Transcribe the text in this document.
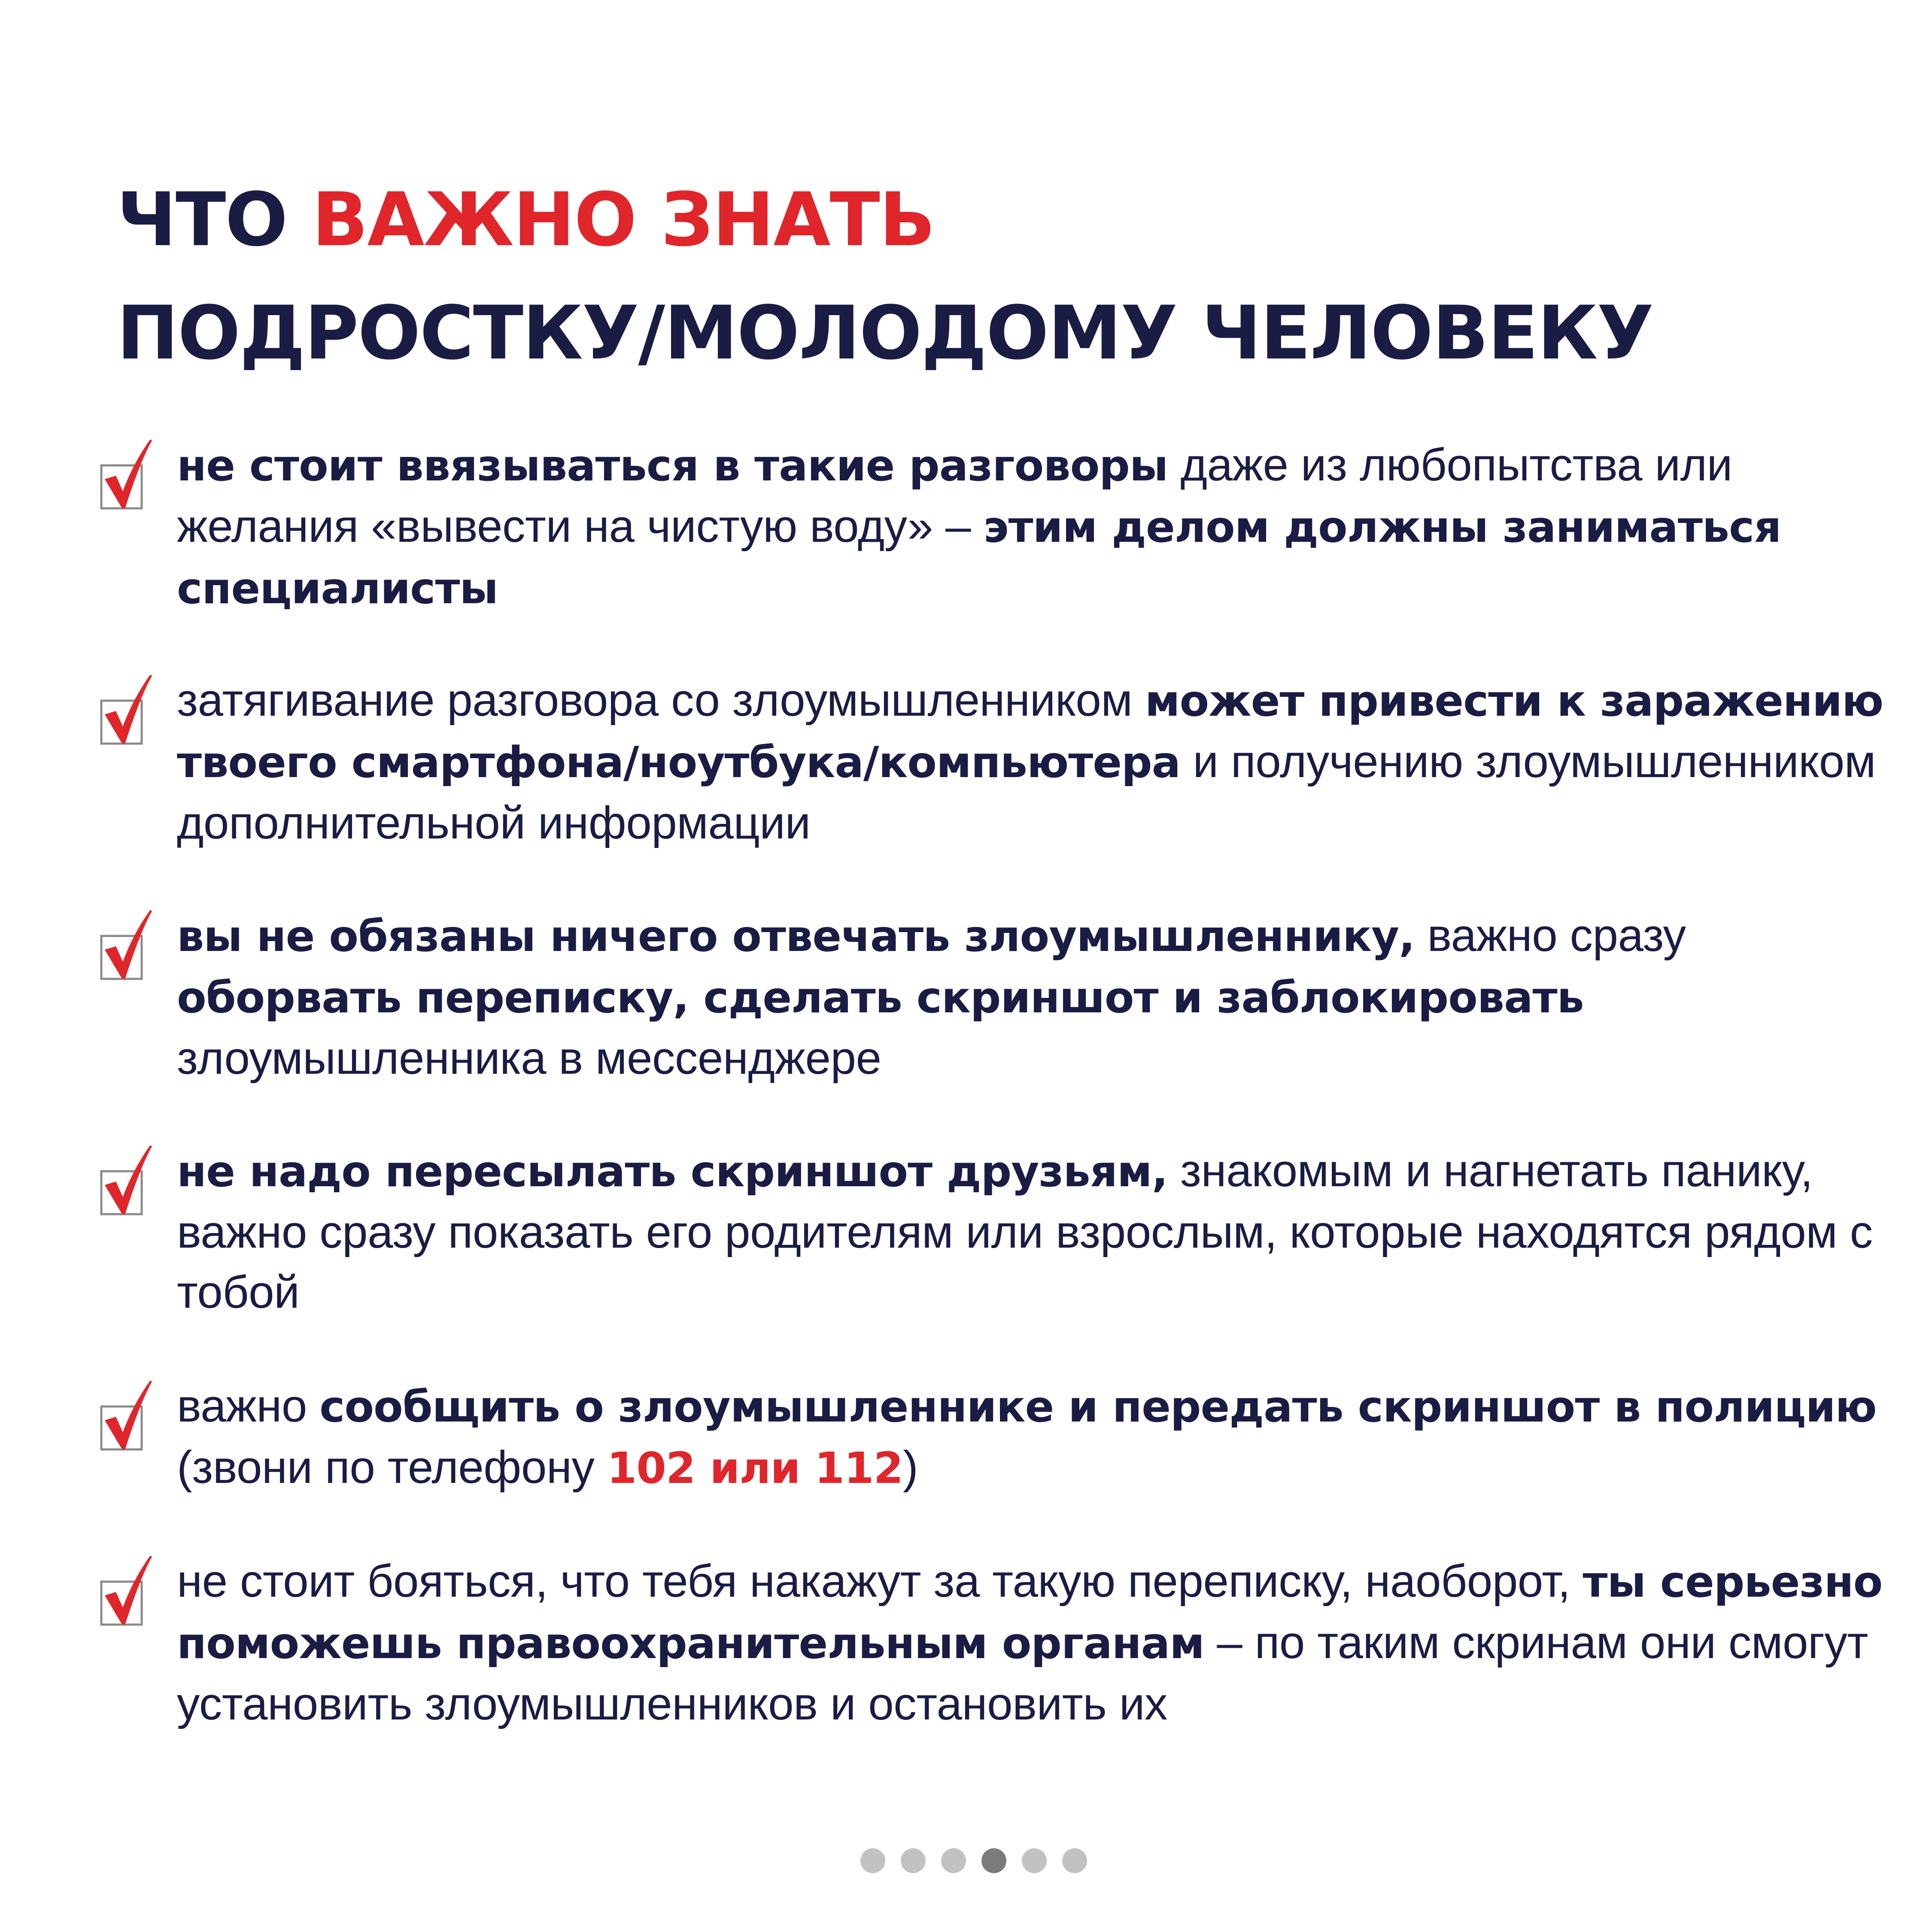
ЧТО ВАЖНО ЗНАТЬ
ПОДРОСТКУ/МОЛОДОМУ ЧЕЛОВЕКУ
не стоит ввязываться в такие разговоры даже из любопытства или желания «вывести на чистую воду» – этим делом должны заниматься специалисты
затягивание разговора со злоумышленником может привести к заражению твоего смартфона/ноутбука/компьютера и получению злоумышленником дополнительной информации
вы не обязаны ничего отвечать злоумышленнику, важно сразу оборвать переписку, сделать скриншот и заблокировать злоумышленника в мессенджере
не надо пересылать скриншот друзьям, знакомым и нагнетать панику, важно сразу показать его родителям или взрослым, которые находятся рядом с тобой
важно сообщить о злоумышленнике и передать скриншот в полицию (звони по телефону 102 или 112)
не стоит бояться, что тебя накажут за такую переписку, наоборот, ты серьезно поможешь правоохранительным органам – по таким скринам они смогут установить злоумышленников и остановить их
